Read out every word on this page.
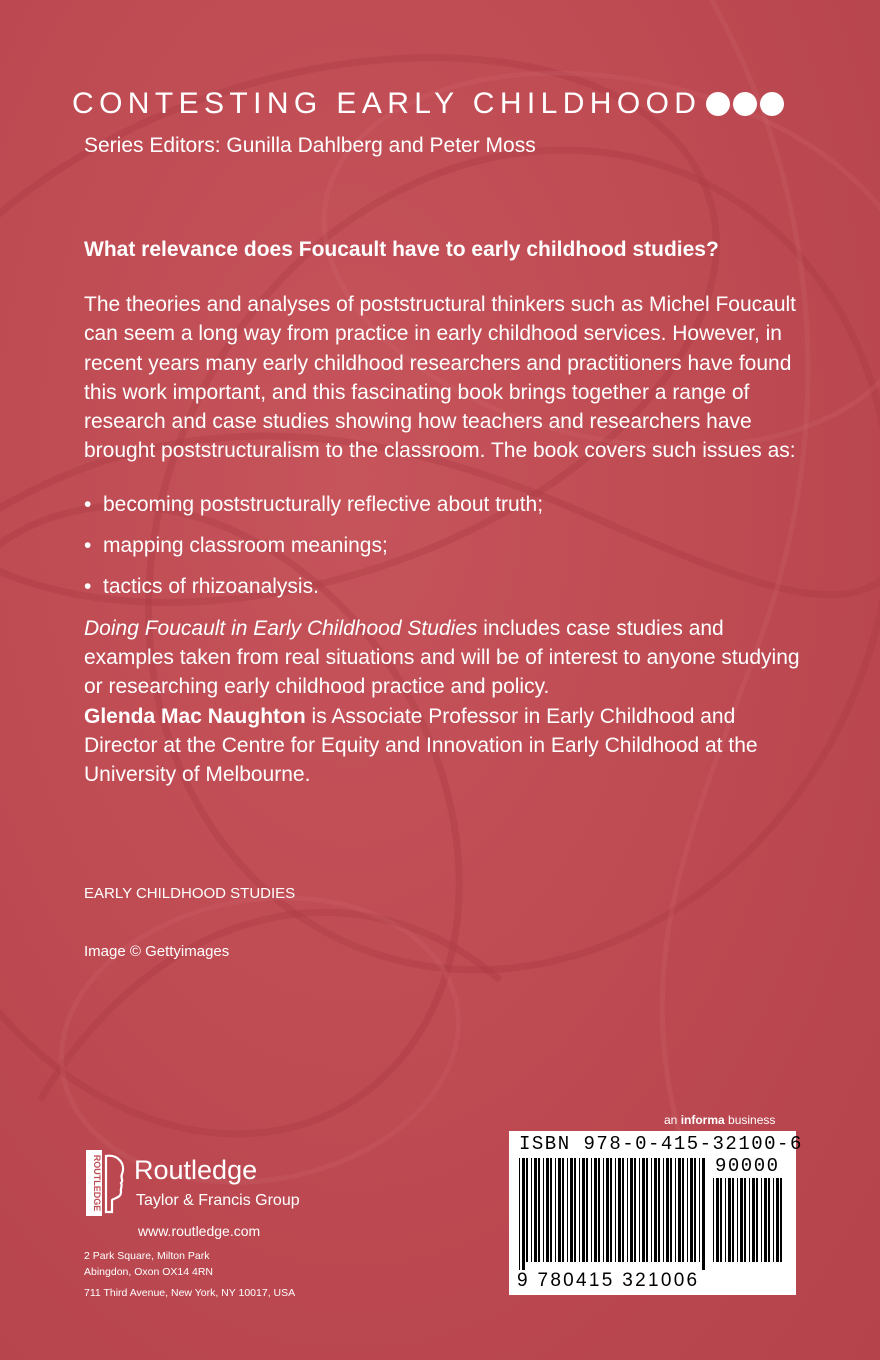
CONTESTING EARLY CHILDHOOD
Series Editors: Gunilla Dahlberg and Peter Moss
What relevance does Foucault have to early childhood studies?

The theories and analyses of poststructural thinkers such as Michel Foucault can seem a long way from practice in early childhood services. However, in recent years many early childhood researchers and practitioners have found this work important, and this fascinating book brings together a range of research and case studies showing how teachers and researchers have brought poststructuralism to the classroom. The book covers such issues as:

• becoming poststructurally reflective about truth;
• mapping classroom meanings;
• tactics of rhizoanalysis.

Doing Foucault in Early Childhood Studies includes case studies and examples taken from real situations and will be of interest to anyone studying or researching early childhood practice and policy.

Glenda Mac Naughton is Associate Professor in Early Childhood and Director at the Centre for Equity and Innovation in Early Childhood at the University of Melbourne.

EARLY CHILDHOOD STUDIES
Image © Gettyimages
an informa business
ISBN 978-0-415-32100-6
90000
9 780415 321006
ROUTLEDGE Routledge
Taylor & Francis Group
www.routledge.com
2 Park Square, Milton Park
Abingdon, Oxon OX14 4RN
711 Third Avenue, New York, NY 10017, USA
